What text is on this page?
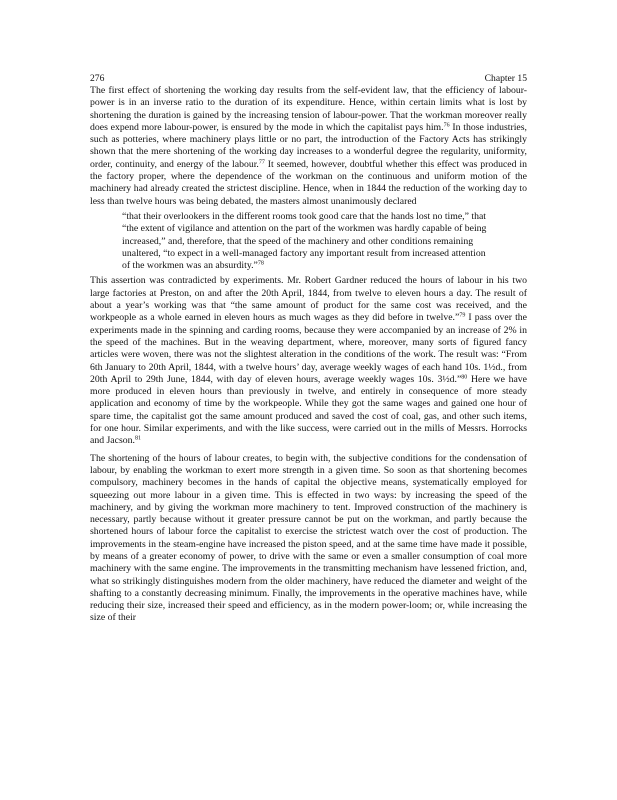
276	Chapter 15

The first effect of shortening the working day results from the self-evident law, that the efficiency of labour-power is in an inverse ratio to the duration of its expenditure. Hence, within certain limits what is lost by shortening the duration is gained by the increasing tension of labour-power. That the workman moreover really does expend more labour-power, is ensured by the mode in which the capitalist pays him.$^{76}$ In those industries, such as potteries, where machinery plays little or no part, the introduction of the Factory Acts has strikingly shown that the mere shortening of the working day increases to a wonderful degree the regularity, uniformity, order, continuity, and energy of the labour.$^{77}$ It seemed, however, doubtful whether this effect was produced in the factory proper, where the dependence of the workman on the continuous and uniform motion of the machinery had already created the strictest discipline. Hence, when in 1844 the reduction of the working day to less than twelve hours was being debated, the masters almost unanimously declared

“that their overlookers in the different rooms took good care that the hands lost no time,” that “the extent of vigilance and attention on the part of the workmen was hardly capable of being increased,” and, therefore, that the speed of the machinery and other conditions remaining unaltered, “to expect in a well-managed factory any important result from increased attention of the workmen was an absurdity.”$^{78}$

This assertion was contradicted by experiments. Mr. Robert Gardner reduced the hours of labour in his two large factories at Preston, on and after the 20th April, 1844, from twelve to eleven hours a day. The result of about a year’s working was that “the same amount of product for the same cost was received, and the workpeople as a whole earned in eleven hours as much wages as they did before in twelve.”$^{79}$ I pass over the experiments made in the spinning and carding rooms, because they were accompanied by an increase of 2% in the speed of the machines. But in the weaving department, where, moreover, many sorts of figured fancy articles were woven, there was not the slightest alteration in the conditions of the work. The result was: “From 6th January to 20th April, 1844, with a twelve hours’ day, average weekly wages of each hand 10s. 1½d., from 20th April to 29th June, 1844, with day of eleven hours, average weekly wages 10s. 3½d.”$^{80}$ Here we have more produced in eleven hours than previously in twelve, and entirely in consequence of more steady application and economy of time by the workpeople. While they got the same wages and gained one hour of spare time, the capitalist got the same amount produced and saved the cost of coal, gas, and other such items, for one hour. Similar experiments, and with the like success, were carried out in the mills of Messrs. Horrocks and Jacson.$^{81}$

The shortening of the hours of labour creates, to begin with, the subjective conditions for the condensation of labour, by enabling the workman to exert more strength in a given time. So soon as that shortening becomes compulsory, machinery becomes in the hands of capital the objective means, systematically employed for squeezing out more labour in a given time. This is effected in two ways: by increasing the speed of the machinery, and by giving the workman more machinery to tent. Improved construction of the machinery is necessary, partly because without it greater pressure cannot be put on the workman, and partly because the shortened hours of labour force the capitalist to exercise the strictest watch over the cost of production. The improvements in the steam-engine have increased the piston speed, and at the same time have made it possible, by means of a greater economy of power, to drive with the same or even a smaller consumption of coal more machinery with the same engine. The improvements in the transmitting mechanism have lessened friction, and, what so strikingly distinguishes modern from the older machinery, have reduced the diameter and weight of the shafting to a constantly decreasing minimum. Finally, the improvements in the operative machines have, while reducing their size, increased their speed and efficiency, as in the modern power-loom; or, while increasing the size of their
